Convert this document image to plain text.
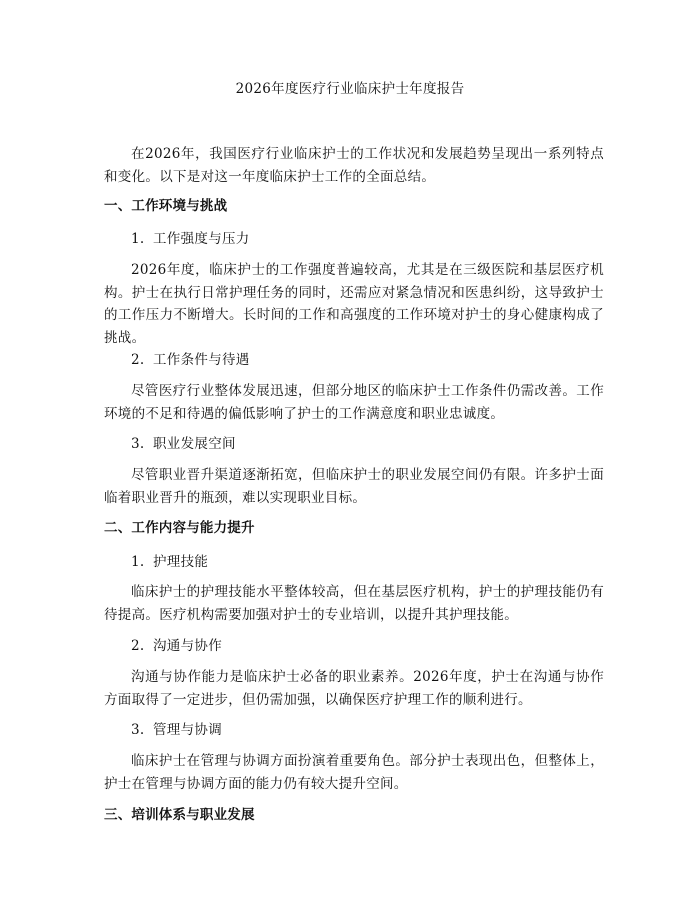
2026年度医疗行业临床护士年度报告
在2026年，我国医疗行业临床护士的工作状况和发展趋势呈现出一系列特点和变化。以下是对这一年度临床护士工作的全面总结。
一、工作环境与挑战
1. 工作强度与压力
2026年度，临床护士的工作强度普遍较高，尤其是在三级医院和基层医疗机构。护士在执行日常护理任务的同时，还需应对紧急情况和医患纠纷，这导致护士的工作压力不断增大。长时间的工作和高强度的工作环境对护士的身心健康构成了挑战。
2. 工作条件与待遇
尽管医疗行业整体发展迅速，但部分地区的临床护士工作条件仍需改善。工作环境的不足和待遇的偏低影响了护士的工作满意度和职业忠诚度。
3. 职业发展空间
尽管职业晋升渠道逐渐拓宽，但临床护士的职业发展空间仍有限。许多护士面临着职业晋升的瓶颈，难以实现职业目标。
二、工作内容与能力提升
1. 护理技能
临床护士的护理技能水平整体较高，但在基层医疗机构，护士的护理技能仍有待提高。医疗机构需要加强对护士的专业培训，以提升其护理技能。
2. 沟通与协作
沟通与协作能力是临床护士必备的职业素养。2026年度，护士在沟通与协作方面取得了一定进步，但仍需加强，以确保医疗护理工作的顺利进行。
3. 管理与协调
临床护士在管理与协调方面扮演着重要角色。部分护士表现出色，但整体上，护士在管理与协调方面的能力仍有较大提升空间。
三、培训体系与职业发展
